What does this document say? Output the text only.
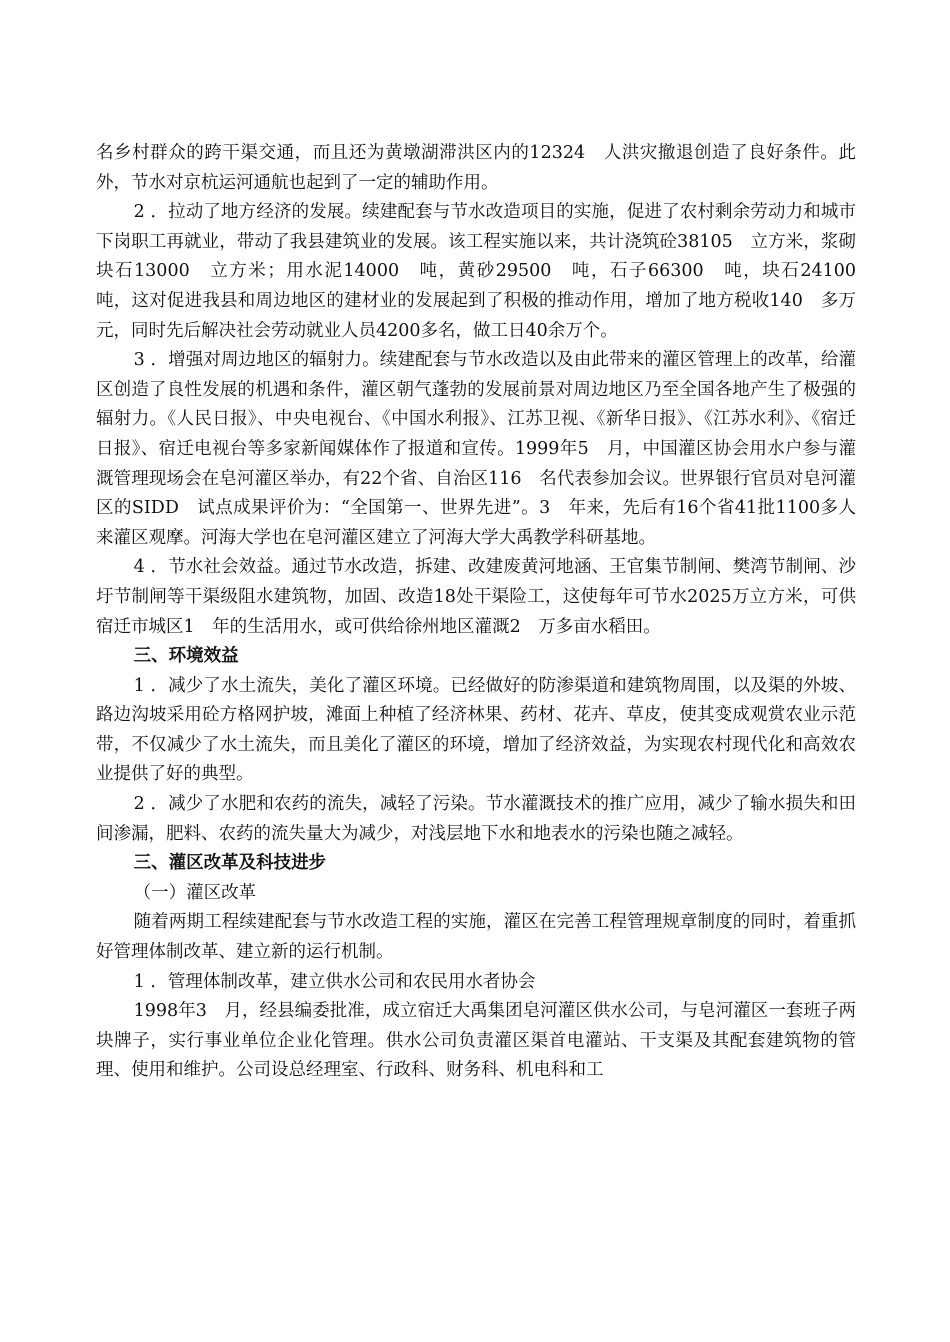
名乡村群众的跨干渠交通，而且还为黄墩湖滞洪区内的12324　人洪灾撤退创造了良好条件。此外，节水对京杭运河通航也起到了一定的辅助作用。

2 ．拉动了地方经济的发展。续建配套与节水改造项目的实施，促进了农村剩余劳动力和城市下岗职工再就业，带动了我县建筑业的发展。该工程实施以来，共计浇筑砼38105　立方米，浆砌块石13000　立方米；用水泥14000　吨，黄砂29500　吨，石子66300　吨，块石24100　吨，这对促进我县和周边地区的建材业的发展起到了积极的推动作用，增加了地方税收140　多万元，同时先后解决社会劳动就业人员4200多名，做工日40余万个。

3 ．增强对周边地区的辐射力。续建配套与节水改造以及由此带来的灌区管理上的改革，给灌区创造了良性发展的机遇和条件，灌区朝气蓬勃的发展前景对周边地区乃至全国各地产生了极强的辐射力。《人民日报》、中央电视台、《中国水利报》、江苏卫视、《新华日报》、《江苏水利》、《宿迁日报》、宿迁电视台等多家新闻媒体作了报道和宣传。1999年5　月，中国灌区协会用水户参与灌溉管理现场会在皂河灌区举办，有22个省、自治区116　名代表参加会议。世界银行官员对皂河灌区的SIDD　试点成果评价为：“全国第一、世界先进”。3　年来，先后有16个省41批1100多人来灌区观摩。河海大学也在皂河灌区建立了河海大学大禹教学科研基地。

4 ．节水社会效益。通过节水改造，拆建、改建废黄河地涵、王官集节制闸、樊湾节制闸、沙圩节制闸等干渠级阻水建筑物，加固、改造18处干渠险工，这使每年可节水2025万立方米，可供宿迁市城区1　年的生活用水，或可供给徐州地区灌溉2　万多亩水稻田。

三、环境效益

1 ．减少了水土流失，美化了灌区环境。已经做好的防渗渠道和建筑物周围，以及渠的外坡、路边沟坡采用砼方格网护坡，滩面上种植了经济林果、药材、花卉、草皮，使其变成观赏农业示范带，不仅减少了水土流失，而且美化了灌区的环境，增加了经济效益，为实现农村现代化和高效农业提供了好的典型。

2 ．减少了水肥和农药的流失，减轻了污染。节水灌溉技术的推广应用，减少了输水损失和田间渗漏，肥料、农药的流失量大为减少，对浅层地下水和地表水的污染也随之减轻。

三、灌区改革及科技进步

（一）灌区改革

随着两期工程续建配套与节水改造工程的实施，灌区在完善工程管理规章制度的同时，着重抓好管理体制改革、建立新的运行机制。

1 ．管理体制改革，建立供水公司和农民用水者协会

1998年3　月，经县编委批准，成立宿迁大禹集团皂河灌区供水公司，与皂河灌区一套班子两块牌子，实行事业单位企业化管理。供水公司负责灌区渠首电灌站、干支渠及其配套建筑物的管理、使用和维护。公司设总经理室、行政科、财务科、机电科和工
